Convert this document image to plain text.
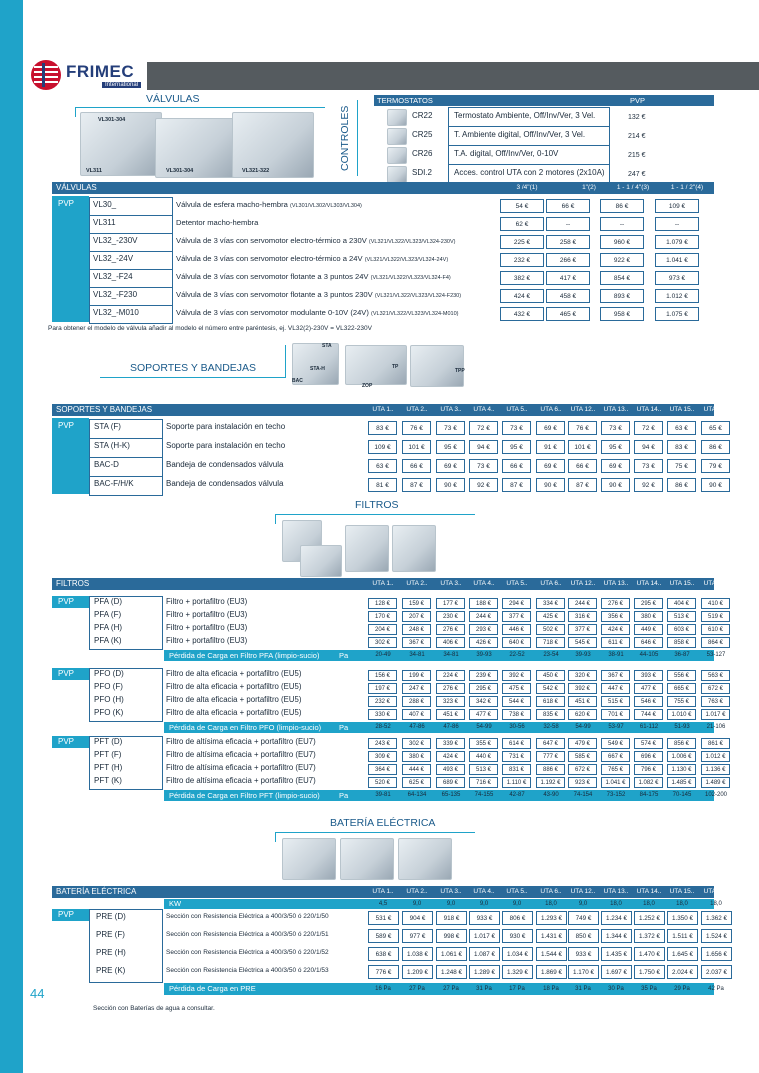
FRIMEC
International
VÁLVULAS
VL301-304
VL311	VL301-304	VL321-322	CONTROLES
TERMOSTATOS	PVP
CR22	Termostato Ambiente, Off/Inv/Ver, 3 Vel.	132 €
CR25	T. Ambiente digital, Off/Inv/Ver, 3 Vel.	214 €
CR26	T.A. digital, Off/Inv/Ver, 0-10V	215 €
SDI.2	Acces. control UTA con 2 motores (2x10A)	247 €
VÁLVULAS	3 /4"(1)	1"(2)	1 - 1 / 4"(3)	1 - 1 / 2"(4)
PVP VL30_	Válvula de esfera macho-hembra (VL301/VL302/VL303/VL304)	54 €	66 €	86 €	109 €
VL311	Detentor macho-hembra	62 €	--	--	--
VL32_-230V	Válvula de 3 vías con servomotor electro-térmico a 230V (VL321/VL322/VL323/VL324-230V)	225 €	258 €	960 €	1.079 €
VL32_-24V	Válvula de 3 vías con servomotor electro-térmico a 24V (VL321/VL322/VL323/VL324-24V)	232 €	266 €	922 €	1.041 €
VL32_-F24	Válvula de 3 vías con servomotor flotante a 3 puntos 24V (VL321/VL322/VL323/VL324-F4)	382 €	417 €	854 €	973 €
VL32_-F230	Válvula de 3 vías con servomotor flotante a 3 puntos 230V (VL321/VL322/VL323/VL324-F230)	424 €	458 €	893 €	1.012 €
VL32_-M010	Válvula de 3 vías con servomotor modulante 0-10V (24V) (VL321/VL322/VL323/VL324-M010)	432 €	465 €	958 €	1.075 €
Para obtener el modelo de válvula añadir al modelo el número entre paréntesis, ej. VL32(2)-230V = VL322-230V
SOPORTES Y BANDEJAS
STA
BAC
STA-H	TP
ZOP
TPP
SOPORTES Y BANDEJAS	UTA 1..	UTA 2..	UTA 3..	UTA 4..	UTA 5..	UTA 6..	UTA 12..	UTA 13..	UTA 14..	UTA 15..	UTA 16..
PVP STA (F)	Soporte para instalación en techo	83 €	76 €	73 €	72 €	73 €	69 €	76 €	73 €	72 €	63 €	65 €
STA (H-K)	Soporte para instalación en techo	109 €	101 €	95 €	94 €	95 €	91 €	101 €	95 €	94 €	83 €	86 €
BAC-D	Bandeja de condensados válvula	63 €	66 €	69 €	73 €	66 €	69 €	66 €	69 €	73 €	75 €	79 €
BAC-F/H/K	Bandeja de condensados válvula	81 €	87 €	90 €	92 €	87 €	90 €	87 €	90 €	92 €	86 €	90 €
FILTROS
FILTROS	UTA 1..	UTA 2..	UTA 3..	UTA 4..	UTA 5..	UTA 6..	UTA 12..	UTA 13..	UTA 14..	UTA 15..	UTA 16..
PVP
PVP
PVP
PFA (D)	Filtro + portafiltro (EU3)	128 €	159 €	177 €	188 €	294 €	334 €	244 €	276 €	295 €	404 €	410 €
PFA (F)	Filtro + portafiltro (EU3)	170 €	207 €	230 €	244 €	377 €	425 €	316 €	356 €	380 €	513 €	519 €
PFA (H)	Filtro + portafiltro (EU3)	204 €	248 €	276 €	293 €	446 €	502 €	377 €	424 €	449 €	603 €	610 €
PFA (K)	Filtro + portafiltro (EU3)	302 €	367 €	406 €	426 €	640 €	718 €	545 €	611 €	646 €	858 €	864 €
Pérdida de Carga en Filtro PFA (limpio-sucio)	Pa	20-49	34-81	34-81	39-93	22-52	23-54	39-93	38-91	44-105	36-87	53-127
PFO (D)	Filtro de alta eficacia + portafiltro (EU5)	156 €	199 €	224 €	239 €	392 €	450 €	320 €	367 €	393 €	556 €	563 €
PFO (F)	Filtro de alta eficacia + portafiltro (EU5)	197 €	247 €	276 €	295 €	475 €	542 €	392 €	447 €	477 €	665 €	672 €
PFO (H)	Filtro de alta eficacia + portafiltro (EU5)	232 €	288 €	323 €	342 €	544 €	618 €	451 €	515 €	546 €	755 €	763 €
PFO (K)	Filtro de alta eficacia + portafiltro (EU5)	330 €	407 €	451 €	477 €	738 €	835 €	620 €	701 €	744 €	1.010 €	1.017 €
Pérdida de Carga en Filtro PFO (limpio-sucio) Pa	28-52	47-86	47-86	54-99	30-56	32-58	54-99	53-97	61-112	51-93	21-106
PFT (D)	Filtro de altísima eficacia + portafiltro (EU7)	243 €	302 €	339 €	355 €	614 €	647 €	479 €	549 €	574 €	856 €	861 €
PFT (F)	Filtro de altísima eficacia + portafiltro (EU7)	309 €	380 €	424 €	440 €	731 €	777 €	585 €	667 €	696 €	1.006 €	1.012 €
PFT (H)	Filtro de altísima eficacia + portafiltro (EU7)	364 €	444 €	493 €	513 €	831 €	886 €	672 €	765 €	796 €	1.130 €	1.136 €
PFT (K)	Filtro de altísima eficacia + portafiltro (EU7)	520 €	625 €	689 €	716 €	1.110 €	1.192 €	923 €	1.041 €	1.082 €	1.485 €	1.489 €
Pérdida de Carga en Filtro PFT (limpio-sucio)	Pa	39-81	64-134	65-135	74-155	42-87	43-90	74-154	73-152	84-175	70-145	102-200
BATERÍA ELÉCTRICA
BATERÍA ELÉCTRICA	UTA 1..	UTA 2..	UTA 3..	UTA 4..	UTA 5..	UTA 6..	UTA 12..	UTA 13..	UTA 14..	UTA 15..	UTA 16..
PVP
KW	4,5	9,0	9,0	9,0	9,0	18,0	9,0	18,0	18,0	18,0	18,0
PRE (D)	Sección con Resistencia Eléctrica a 400/3/50 ó 220/1/50	531 €	904 €	918 €	933 €	806 €	1.293 €	749 €	1.234 €	1.252 €	1.350 €	1.362 €
PRE (F)	Sección con Resistencia Eléctrica a 400/3/50 ó 220/1/51	589 €	977 €	998 €	1.017 €	930 €	1.431 €	850 €	1.344 €	1.372 €	1.511 €	1.524 €
PRE (H)	Sección con Resistencia Eléctrica a 400/3/50 ó 220/1/52	638 €	1.038 €	1.061 €	1.087 €	1.034 €	1.544 €	933 €	1.435 €	1.470 €	1.645 €	1.656 €
PRE (K)	Sección con Resistencia Eléctrica a 400/3/50 ó 220/1/53	776 €	1.209 €	1.248 €	1.289 €	1.329 €	1.869 €	1.170 €	1.697 €	1.750 €	2.024 €	2.037 €
Pérdida de Carga en PRE	16 Pa	27 Pa	27 Pa	31 Pa	17 Pa	18 Pa	31 Pa	30 Pa	35 Pa	29 Pa	42 Pa
Sección con Baterías de agua a consultar.
44
